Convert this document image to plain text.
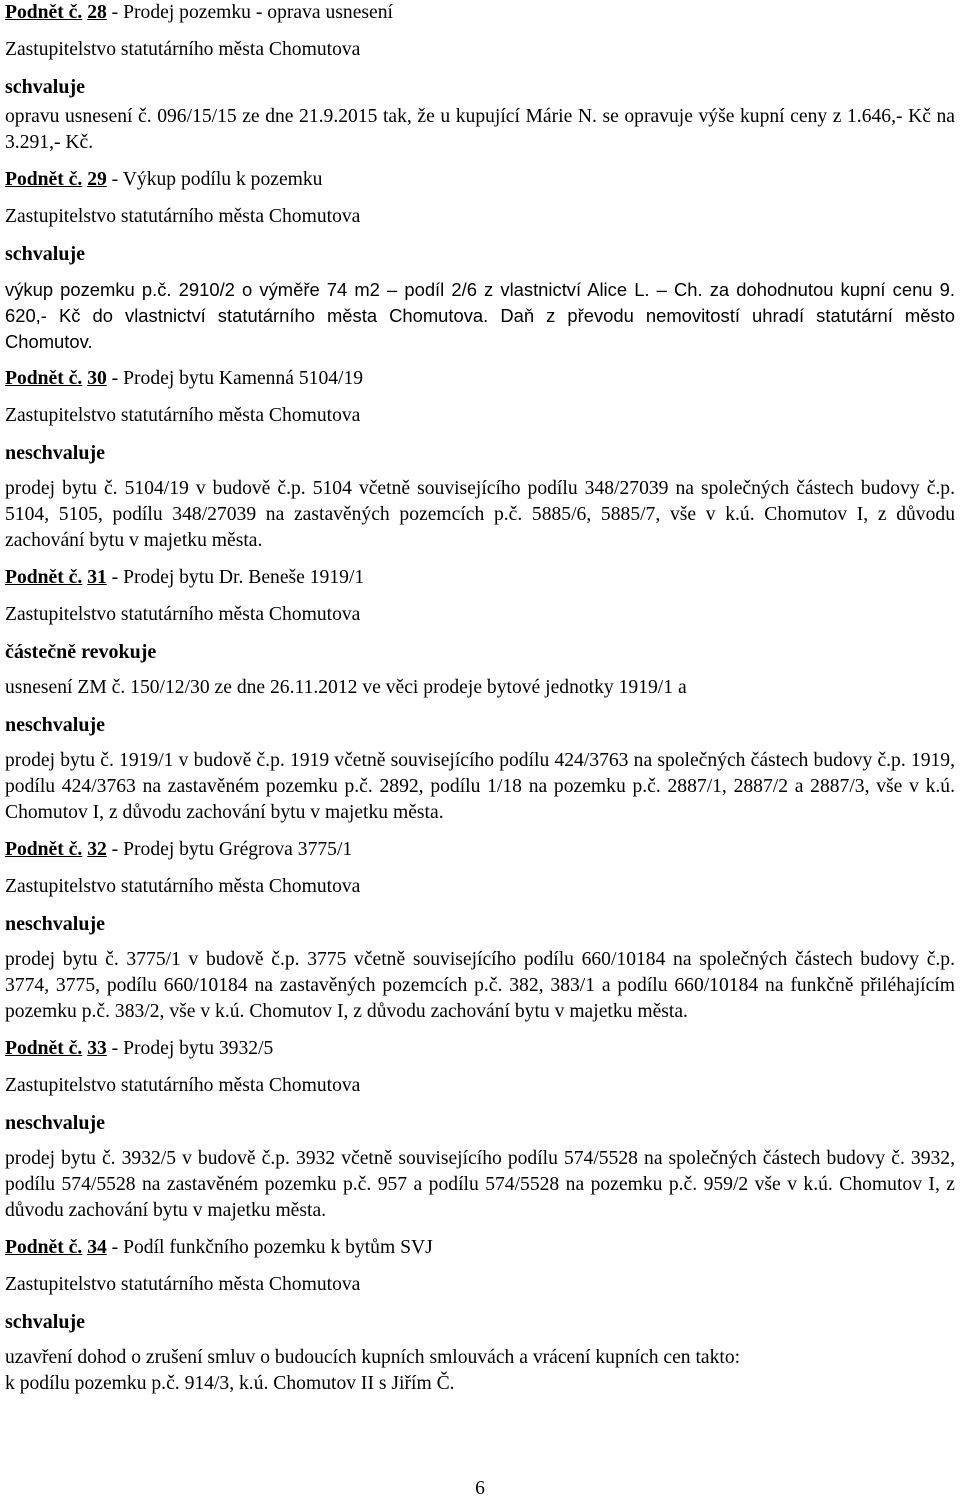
Podnět č. 28 - Prodej pozemku - oprava usnesení

Zastupitelstvo statutárního města Chomutova

schvaluje

opravu usnesení č. 096/15/15 ze dne 21.9.2015 tak, že u kupující Márie N. se opravuje výše kupní ceny z 1.646,- Kč na 3.291,- Kč.

Podnět č. 29 - Výkup podílu k pozemku

Zastupitelstvo statutárního města Chomutova

schvaluje

výkup pozemku p.č. 2910/2 o výměře 74 m2 – podíl 2/6 z vlastnictví Alice L. – Ch. za dohodnutou kupní cenu 9. 620,- Kč do vlastnictví statutárního města Chomutova. Daň z převodu nemovitostí uhradí statutární město Chomutov.

Podnět č. 30 - Prodej bytu Kamenná 5104/19

Zastupitelstvo statutárního města Chomutova

neschvaluje

prodej bytu č. 5104/19 v budově č.p. 5104 včetně souvisejícího podílu 348/27039 na společných částech budovy č.p. 5104, 5105, podílu 348/27039 na zastavěných pozemcích p.č. 5885/6, 5885/7, vše v k.ú. Chomutov I, z důvodu zachování bytu v majetku města.

Podnět č. 31 - Prodej bytu Dr. Beneše 1919/1

Zastupitelstvo statutárního města Chomutova

částečně revokuje

usnesení ZM č. 150/12/30 ze dne 26.11.2012 ve věci prodeje bytové jednotky 1919/1 a

neschvaluje

prodej bytu č. 1919/1 v budově č.p. 1919 včetně souvisejícího podílu 424/3763 na společných částech budovy č.p. 1919, podílu 424/3763 na zastavěném pozemku p.č. 2892, podílu 1/18 na pozemku p.č. 2887/1, 2887/2 a 2887/3, vše v k.ú. Chomutov I, z důvodu zachování bytu v majetku města.

Podnět č. 32 - Prodej bytu Grégrova 3775/1

Zastupitelstvo statutárního města Chomutova

neschvaluje

prodej bytu č. 3775/1 v budově č.p. 3775 včetně souvisejícího podílu 660/10184 na společných částech budovy č.p. 3774, 3775, podílu 660/10184 na zastavěných pozemcích p.č. 382, 383/1 a podílu 660/10184 na funkčně přiléhajícím pozemku p.č. 383/2, vše v k.ú. Chomutov I, z důvodu zachování bytu v majetku města.

Podnět č. 33 - Prodej bytu 3932/5

Zastupitelstvo statutárního města Chomutova

neschvaluje

prodej bytu č. 3932/5 v budově č.p. 3932 včetně souvisejícího podílu 574/5528 na společných částech budovy č. 3932, podílu 574/5528 na zastavěném pozemku p.č. 957 a podílu 574/5528 na pozemku p.č. 959/2 vše v k.ú. Chomutov I, z důvodu zachování bytu v majetku města.

Podnět č. 34 - Podíl funkčního pozemku k bytům SVJ

Zastupitelstvo statutárního města Chomutova

schvaluje

uzavření dohod o zrušení smluv o budoucích kupních smlouvách a vrácení kupních cen takto:
k podílu pozemku p.č. 914/3, k.ú. Chomutov II s Jiřím Č.

6
